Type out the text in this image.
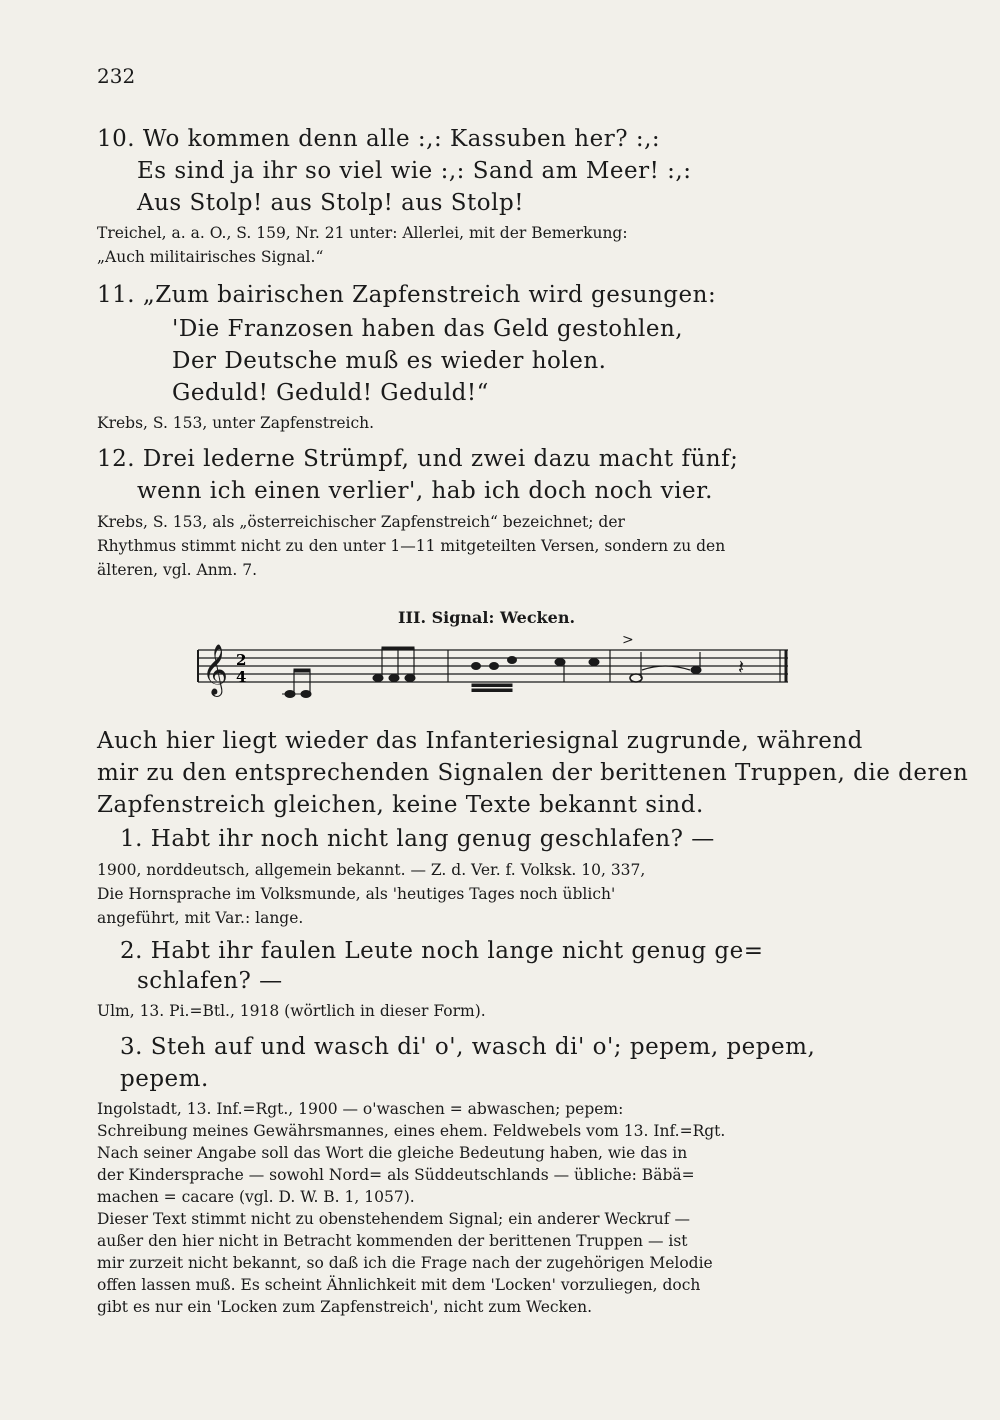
232
10. Wo kommen denn alle :,: Kassuben her? :,:
Es sind ja ihr so viel wie :,: Sand am Meer! :,:
Aus Stolp! aus Stolp! aus Stolp!
Treichel, a. a. O., S. 159, Nr. 21 unter: Allerlei, mit der Bemerkung:
„Auch militairisches Signal.“
11. „Zum bairischen Zapfenstreich wird gesungen:
'Die Franzosen haben das Geld gestohlen,
Der Deutsche muß es wieder holen.
Geduld! Geduld! Geduld!“
Krebs, S. 153, unter Zapfenstreich.
12. Drei lederne Strümpf, und zwei dazu macht fünf;
wenn ich einen verlier', hab ich doch noch vier.
Krebs, S. 153, als „österreichischer Zapfenstreich“ bezeichnet; der
Rhythmus stimmt nicht zu den unter 1—11 mitgeteilten Versen, sondern zu den
älteren, vgl. Anm. 7.
III. Signal: Wecken.
Auch hier liegt wieder das Infanteriesignal zugrunde, während
mir zu den entsprechenden Signalen der berittenen Truppen, die deren
Zapfenstreich gleichen, keine Texte bekannt sind.
1. Habt ihr noch nicht lang genug geschlafen? —
1900, norddeutsch, allgemein bekannt. — Z. d. Ver. f. Volksk. 10, 337,
Die Hornsprache im Volksmunde, als 'heutiges Tages noch üblich'
angeführt, mit Var.: lange.
2. Habt ihr faulen Leute noch lange nicht genug ge=
schlafen? —
Ulm, 13. Pi.=Btl., 1918 (wörtlich in dieser Form).
3. Steh auf und wasch di' o', wasch di' o'; pepem, pepem,
pepem.
Ingolstadt, 13. Inf.=Rgt., 1900 — o'waschen = abwaschen; pepem:
Schreibung meines Gewährsmannes, eines ehem. Feldwebels vom 13. Inf.=Rgt.
Nach seiner Angabe soll das Wort die gleiche Bedeutung haben, wie das in
der Kindersprache — sowohl Nord= als Süddeutschlands — übliche: Bäbä=
machen = cacare (vgl. D. W. B. 1, 1057).
Dieser Text stimmt nicht zu obenstehendem Signal; ein anderer Weckruf —
außer den hier nicht in Betracht kommenden der berittenen Truppen — ist
mir zurzeit nicht bekannt, so daß ich die Frage nach der zugehörigen Melodie
offen lassen muß. Es scheint Ähnlichkeit mit dem 'Locken' vorzuliegen, doch
gibt es nur ein 'Locken zum Zapfenstreich', nicht zum Wecken.
𝄞 2
4
>
𝄽
